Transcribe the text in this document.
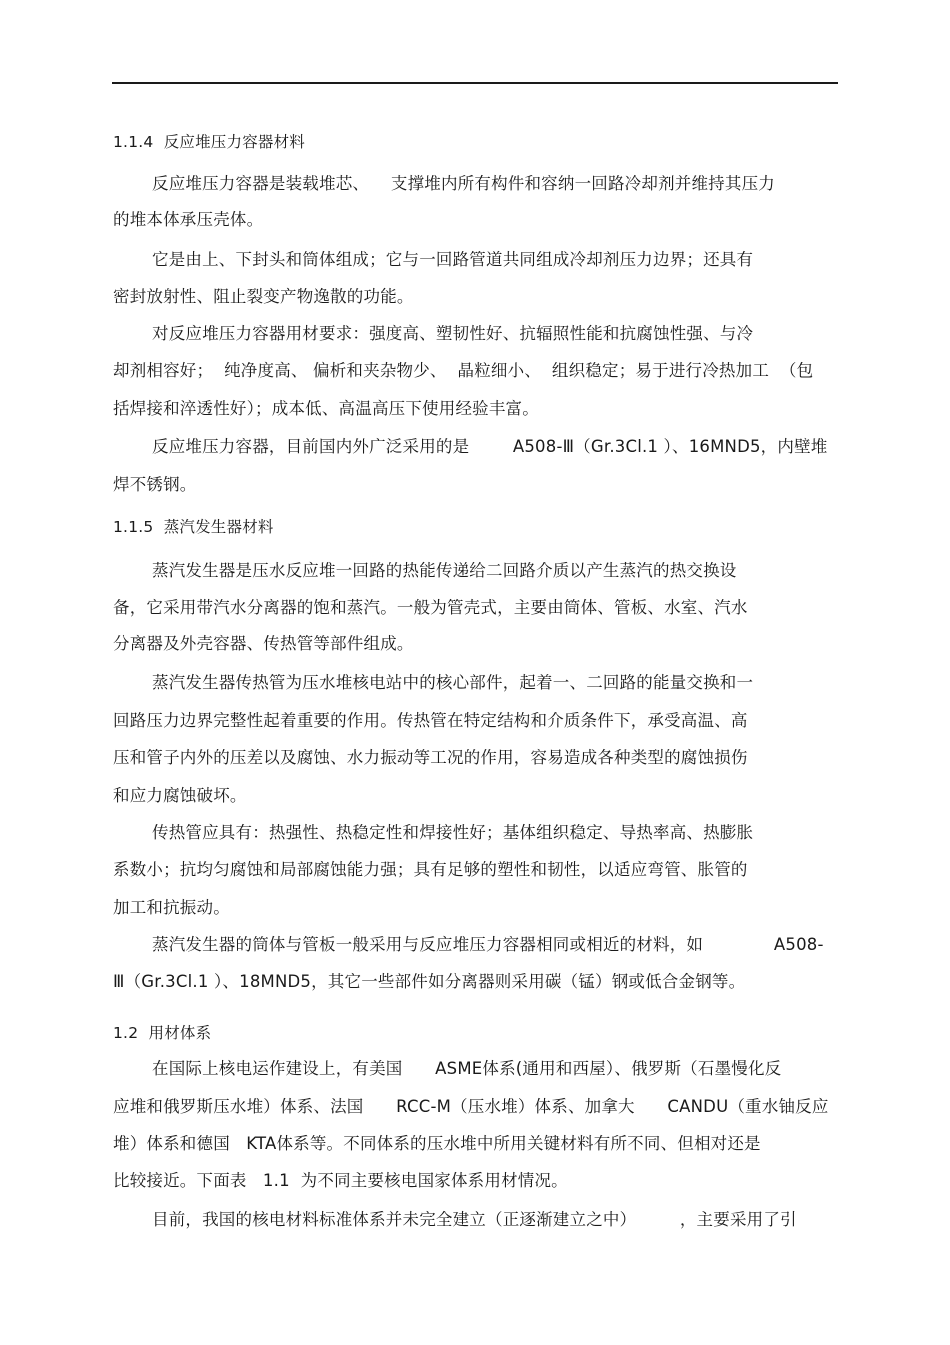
1.1.4  反应堆压力容器材料
反应堆压力容器是装载堆芯、    支撑堆内所有构件和容纳一回路冷却剂并维持其压力
的堆本体承压壳体。
它是由上、下封头和筒体组成；它与一回路管道共同组成冷却剂压力边界；还具有
密封放射性、阻止裂变产物逸散的功能。
对反应堆压力容器用材要求：强度高、塑韧性好、抗辐照性能和抗腐蚀性强、与冷
却剂相容好；  纯净度高、 偏析和夹杂物少、  晶粒细小、  组织稳定；易于进行冷热加工  （包
括焊接和淬透性好）；成本低、高温高压下使用经验丰富。
反应堆压力容器，目前国内外广泛采用的是        A508-Ⅲ（Gr.3Cl.1 ）、16MND5，内壁堆
焊不锈钢。
1.1.5  蒸汽发生器材料
蒸汽发生器是压水反应堆一回路的热能传递给二回路介质以产生蒸汽的热交换设
备，它采用带汽水分离器的饱和蒸汽。一般为管壳式，主要由筒体、管板、水室、汽水
分离器及外壳容器、传热管等部件组成。
蒸汽发生器传热管为压水堆核电站中的核心部件，起着一、二回路的能量交换和一
回路压力边界完整性起着重要的作用。传热管在特定结构和介质条件下，承受高温、高
压和管子内外的压差以及腐蚀、水力振动等工况的作用，容易造成各种类型的腐蚀损伤
和应力腐蚀破坏。
传热管应具有：热强性、热稳定性和焊接性好；基体组织稳定、导热率高、热膨胀
系数小；抗均匀腐蚀和局部腐蚀能力强；具有足够的塑性和韧性，以适应弯管、胀管的
加工和抗振动。
蒸汽发生器的筒体与管板一般采用与反应堆压力容器相同或相近的材料，如             A508-
Ⅲ（Gr.3Cl.1 ）、18MND5，其它一些部件如分离器则采用碳（锰）钢或低合金钢等。
1.2  用材体系
在国际上核电运作建设上，有美国      ASME体系(通用和西屋）、俄罗斯（石墨慢化反
应堆和俄罗斯压水堆）体系、法国      RCC-M（压水堆）体系、加拿大      CANDU（重水铀反应
堆）体系和德国   KTA体系等。不同体系的压水堆中所用关键材料有所不同、但相对还是
比较接近。下面表   1.1  为不同主要核电国家体系用材情况。
目前，我国的核电材料标准体系并未完全建立（正逐渐建立之中）        ，主要采用了引
